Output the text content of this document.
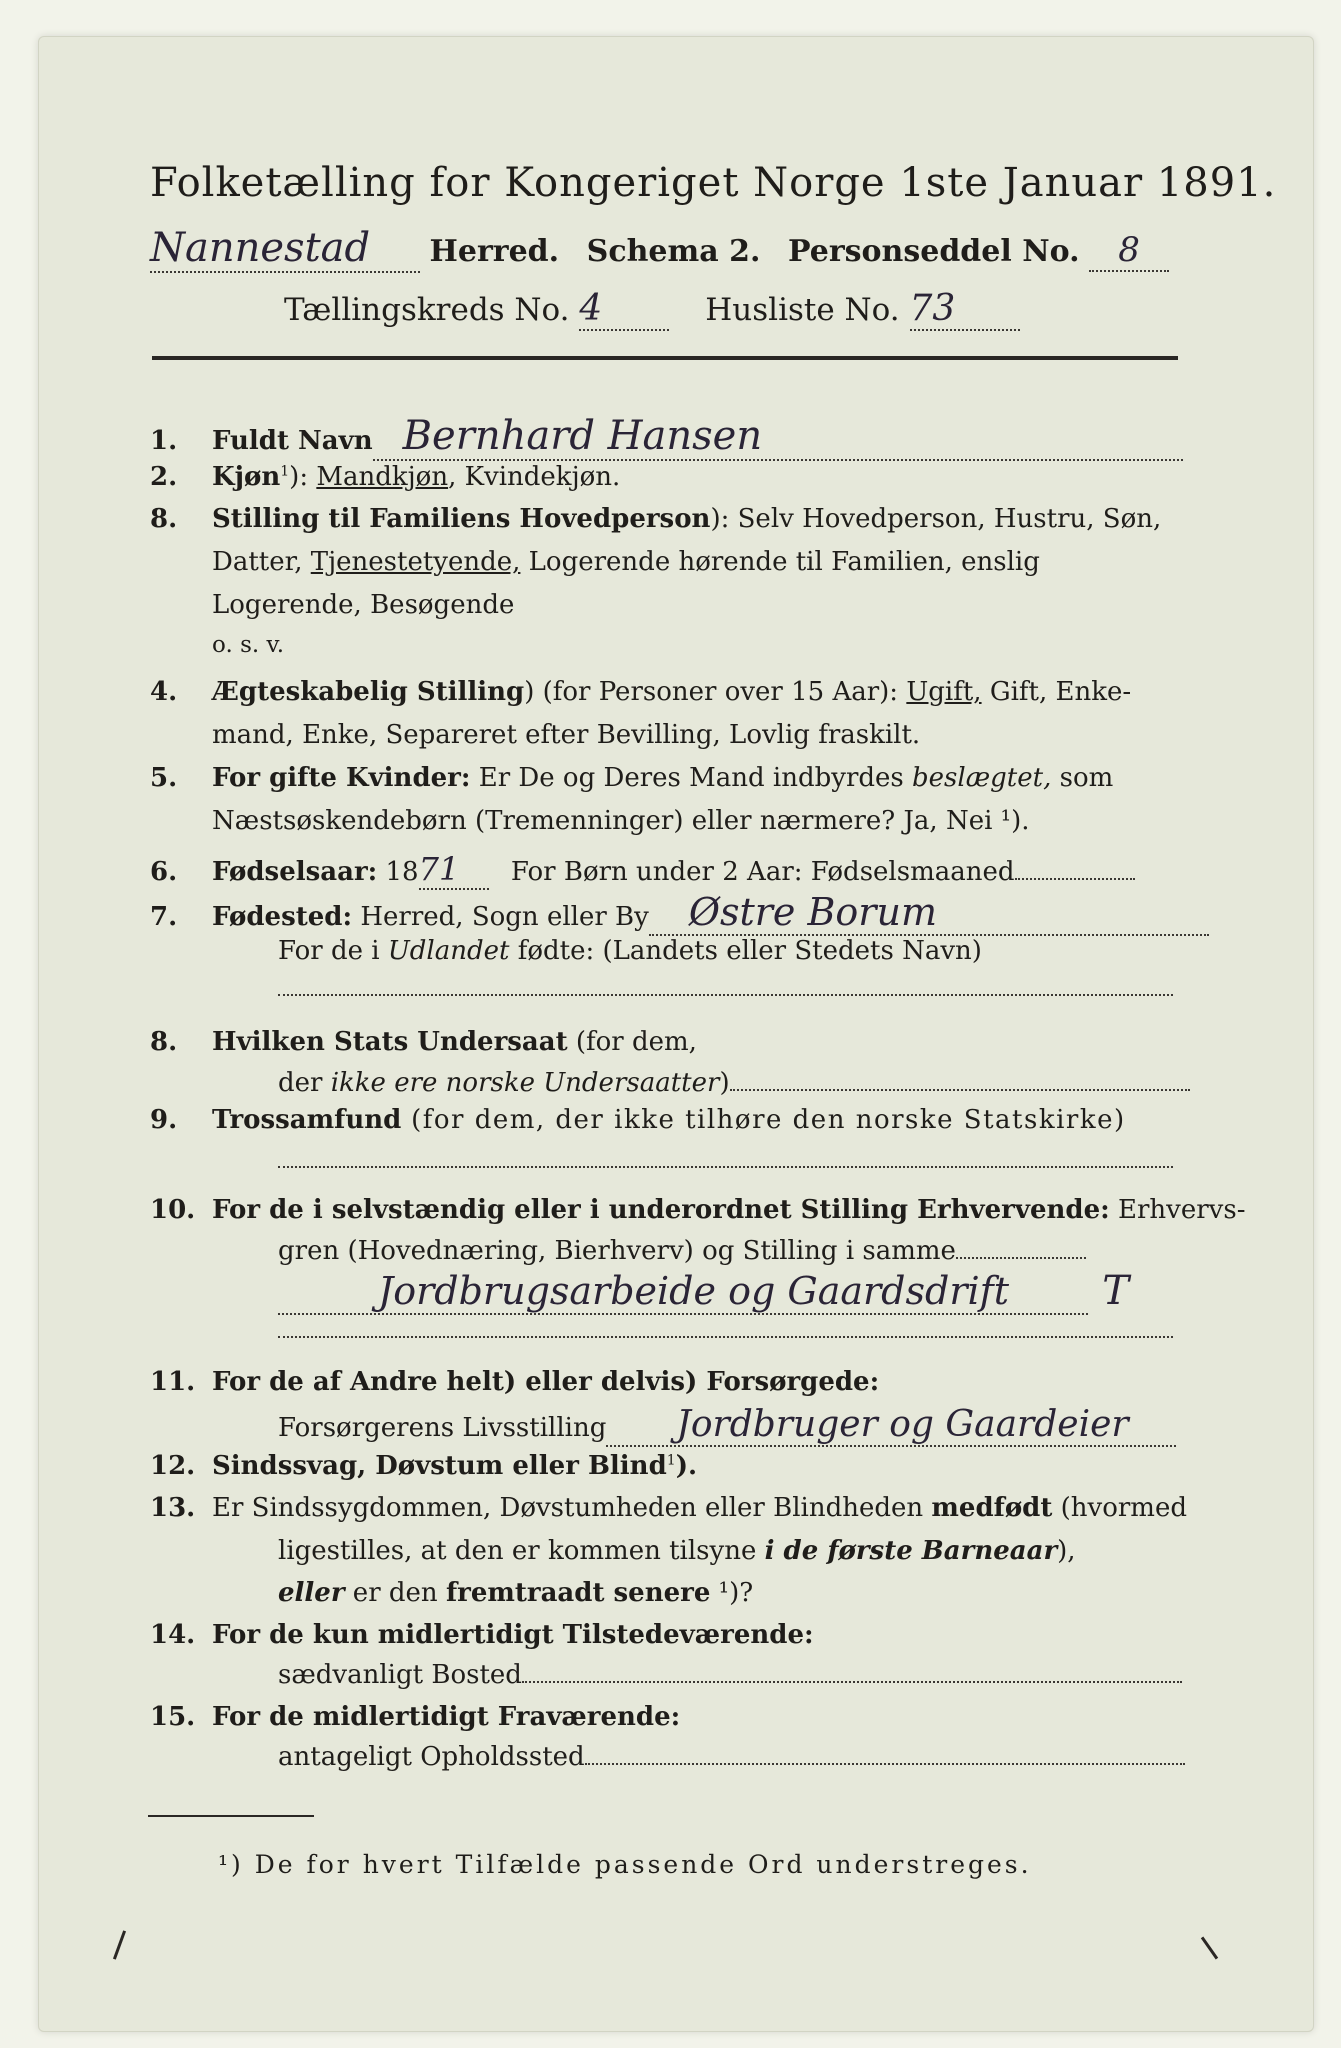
Folketælling for Kongeriget Norge 1ste Januar 1891.
Nannestad Herred. Schema 2. Personseddel No. 8
Tællingskreds No. 4	Husliste No. 73
1. Fuldt Navn Bernhard Hansen
2. Kjøn$^1$): Mandkjøn, Kvindekjøn.
8. Stilling til Familiens Hovedperson): Selv Hovedperson, Hustru, Søn,
Datter, Tjenestetyende, Logerende hørende til Familien, enslig
Logerende, Besøgende
o. s. v.
4. Ægteskabelig Stilling) (for Personer over 15 Aar): Ugift, Gift, Enke-
mand, Enke, Separeret efter Bevilling, Lovlig fraskilt.
5. For gifte Kvinder: Er De og Deres Mand indbyrdes beslægtet, som
Næstsøskendebørn (Tremenninger) eller nærmere? Ja, Nei ¹).
6. Fødselsaar: 1871 For Børn under 2 Aar: Fødselsmaaned
7. Fødested: Herred, Sogn eller By Østre Borum
For de i Udlandet fødte: (Landets eller Stedets Navn)
8. Hvilken Stats Undersaat (for dem,
der ikke ere norske Undersaatter)
9. Trossamfund (for dem, der ikke tilhøre den norske Statskirke)
10. For de i selvstændig eller i underordnet Stilling Erhvervende: Erhvervs-
gren (Hovednæring, Bierhverv) og Stilling i samme
Jordbrugsarbeide og Gaardsdrift T
11. For de af Andre helt) eller delvis) Forsørgede:
Forsørgerens Livsstilling Jordbruger og Gaardeier
12. Sindssvag, Døvstum eller Blind$^1$).
13. Er Sindssygdommen, Døvstumheden eller Blindheden medfødt (hvormed
ligestilles, at den er kommen tilsyne i de første Barneaar),
eller er den fremtraadt senere ¹)?
14. For de kun midlertidigt Tilstedeværende:
sædvanligt Bosted
15. For de midlertidigt Fraværende:
antageligt Opholdssted
¹) De for hvert Tilfælde passende Ord understreges.
